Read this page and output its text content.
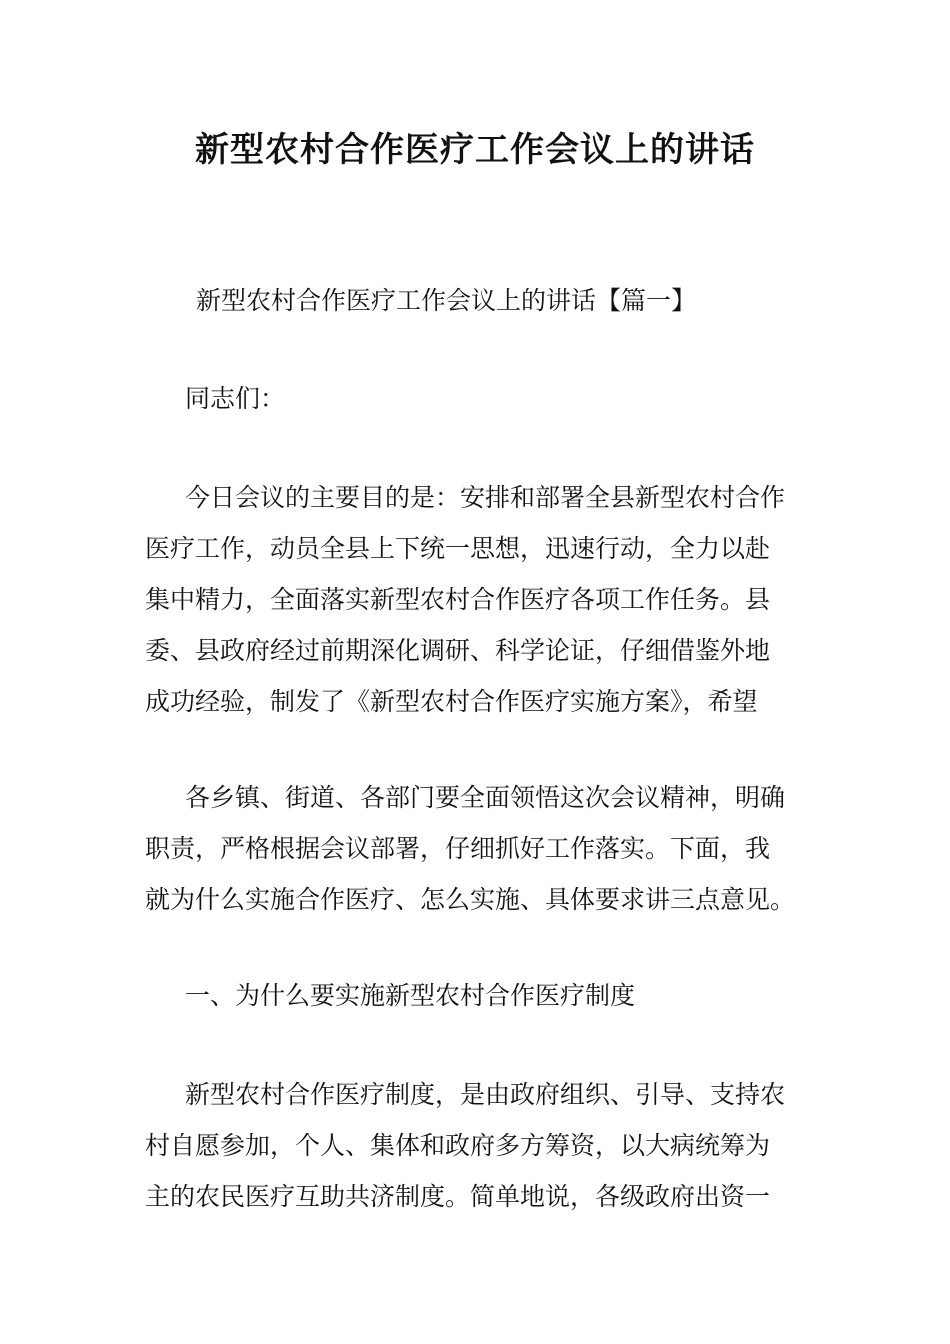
新型农村合作医疗工作会议上的讲话
新型农村合作医疗工作会议上的讲话【篇一】
同志们：
今日会议的主要目的是：安排和部署全县新型农村合作
医疗工作，动员全县上下统一思想，迅速行动，全力以赴
集中精力，全面落实新型农村合作医疗各项工作任务。县
委、县政府经过前期深化调研、科学论证，仔细借鉴外地
成功经验，制发了《新型农村合作医疗实施方案》，希望
各乡镇、街道、各部门要全面领悟这次会议精神，明确
职责，严格根据会议部署，仔细抓好工作落实。下面，我
就为什么实施合作医疗、怎么实施、具体要求讲三点意见。
一、为什么要实施新型农村合作医疗制度
新型农村合作医疗制度，是由政府组织、引导、支持农
村自愿参加，个人、集体和政府多方筹资，以大病统筹为
主的农民医疗互助共济制度。简单地说，各级政府出资一
